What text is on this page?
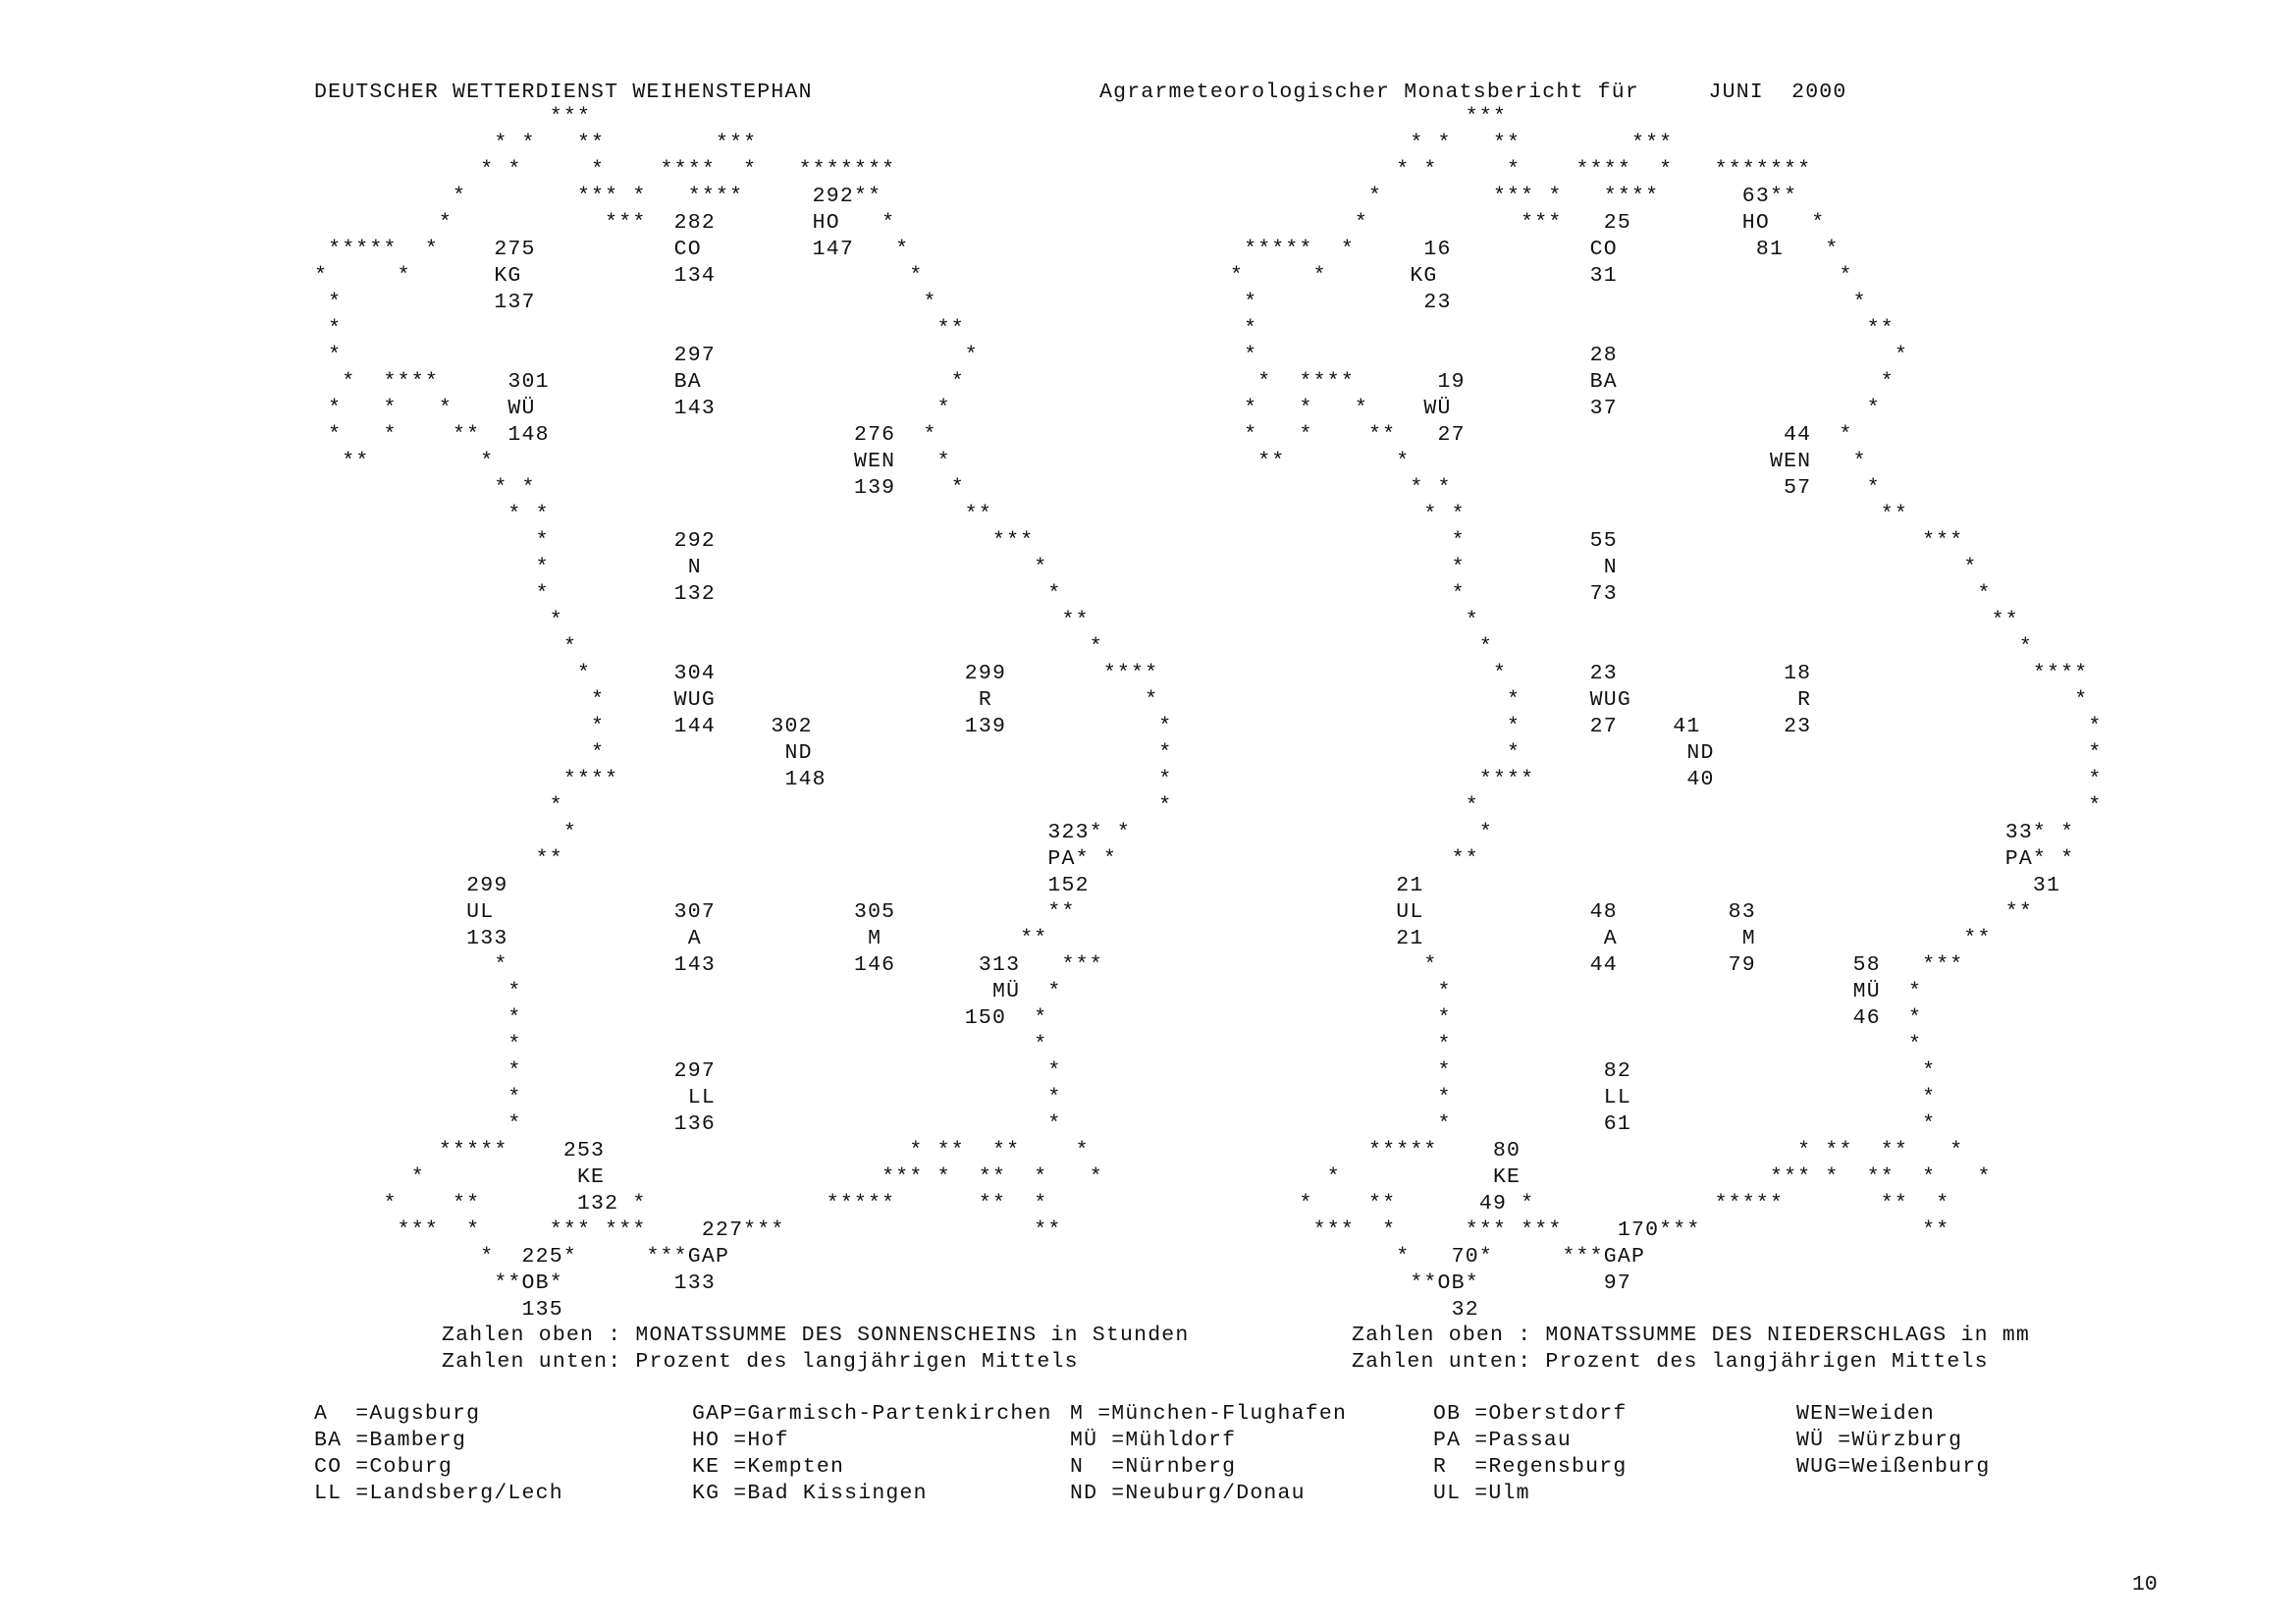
DEUTSCHER WETTERDIENST WEIHENSTEPHAN	Agrarmeteorologischer Monatsbericht für     JUNI  2000
***
* *   **        ***
* *     *    ****  *   *******
*        *** *   ****     292**
*           ***  282       HO   *
*****  *    275          CO        147   *
*     *      KG           134              *
*           137                            *
*                                           **
*                        297                  *
*  ****     301         BA                  *
*   *   *    WÜ          143                *
*   *    **  148                      276  *
**        *                          WEN   *
* *                       139    *
* *                              **
*         292                    ***
*          N                        *
*         132                        *
*                                    **
*                                     *
*      304                  299       ****
*     WUG                   R           *
*     144    302           139           *
*             ND                         *
****            148                        *
*                                           *
*                                  323* *
**                                   PA* *
299                                       152
UL             307          305           **
133             A            M          **
*            143          146      313   ***
*                                  MÜ  *
*                                150  *
*                                     *
*           297                        *
*            LL                        *
*           136                        *
*****    253                      * **  **    *
*           KE                    *** *  **  *   *
*    **       132 *             *****      **  *
***  *     *** ***    227***                  **
*  225*     ***GAP
**OB*        133
135
***
* *   **        ***
* *     *    ****  *   *******
*        *** *   ****      63**
*           ***   25        HO   *
*****  *     16          CO          81   *
*     *      KG           31                *
*            23                             *
*                                            **
*                        28                    *
*  ****      19         BA                   *
*   *   *    WÜ          37                  *
*   *    **   27                       44  *
**        *                          WEN   *
* *                        57    *
* *                              **
*         55                      ***
*          N                         *
*         73                          *
*                                     **
*                                      *
*      23            18                ****
*     WUG            R                   *
*     27    41      23                    *
*            ND                           *
****           40                           *
*                                            *
*                                     33* *
**                                      PA* *
21                                            31
UL            48        83                  **
21             A         M               **
*           44        79       58   ***
*                             MÜ  *
*                             46  *
*                                 *
*           82                     *
*           LL                     *
*           61                     *
*****    80                    * **  **   *
*           KE                  *** *  **  *   *
*    **      49 *             *****       **  *
***  *     *** ***    170***                **
*   70*     ***GAP
**OB*         97
32
Zahlen oben : MONATSSUMME DES SONNENSCHEINS in Stunden
Zahlen unten: Prozent des langjährigen Mittels
Zahlen oben : MONATSSUMME DES NIEDERSCHLAGS in mm
Zahlen unten: Prozent des langjährigen Mittels
A  =Augsburg
BA =Bamberg
CO =Coburg
LL =Landsberg/Lech
GAP=Garmisch-Partenkirchen
HO =Hof
KE =Kempten
KG =Bad Kissingen
M =München-Flughafen
MÜ =Mühldorf
N  =Nürnberg
ND =Neuburg/Donau
OB =Oberstdorf
PA =Passau
R  =Regensburg
UL =Ulm
WEN=Weiden
WÜ =Würzburg
WUG=Weißenburg
10
